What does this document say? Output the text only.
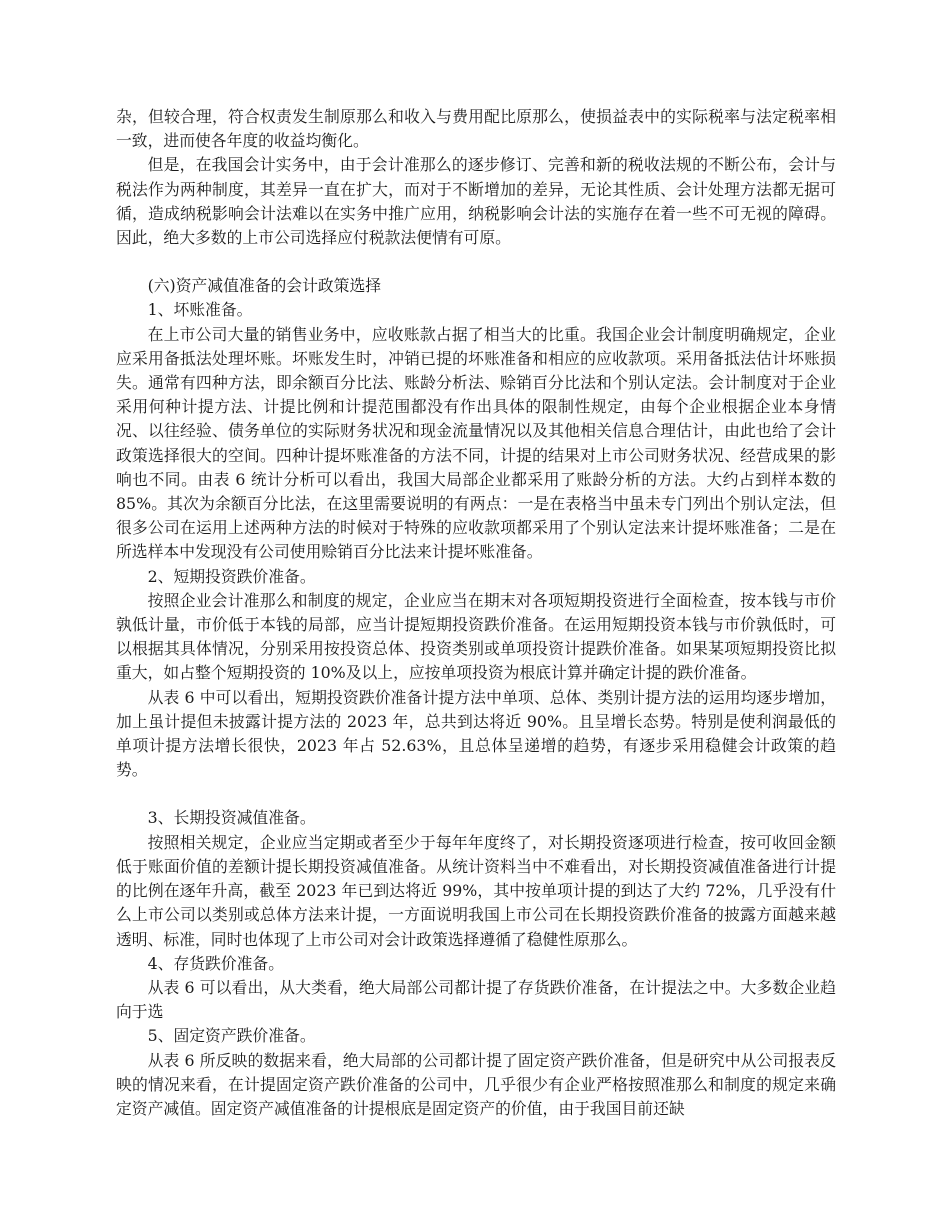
杂，但较合理，符合权责发生制原那么和收入与费用配比原那么，使损益表中的实际税率与法定税率相一致，进而使各年度的收益均衡化。

但是，在我国会计实务中，由于会计准那么的逐步修订、完善和新的税收法规的不断公布，会计与税法作为两种制度，其差异一直在扩大，而对于不断增加的差异，无论其性质、会计处理方法都无据可循，造成纳税影响会计法难以在实务中推广应用，纳税影响会计法的实施存在着一些不可无视的障碍。因此，绝大多数的上市公司选择应付税款法便情有可原。

(六)资产减值准备的会计政策选择

1、坏账准备。

在上市公司大量的销售业务中，应收账款占据了相当大的比重。我国企业会计制度明确规定，企业应采用备抵法处理坏账。坏账发生时，冲销已提的坏账准备和相应的应收款项。采用备抵法估计坏账损失。通常有四种方法，即余额百分比法、账龄分析法、赊销百分比法和个别认定法。会计制度对于企业采用何种计提方法、计提比例和计提范围都没有作出具体的限制性规定，由每个企业根据企业本身情况、以往经验、债务单位的实际财务状况和现金流量情况以及其他相关信息合理估计，由此也给了会计政策选择很大的空间。四种计提坏账准备的方法不同，计提的结果对上市公司财务状况、经营成果的影响也不同。由表 6 统计分析可以看出，我国大局部企业都采用了账龄分析的方法。大约占到样本数的 85%。其次为余额百分比法，在这里需要说明的有两点：一是在表格当中虽未专门列出个别认定法，但很多公司在运用上述两种方法的时候对于特殊的应收款项都采用了个别认定法来计提坏账准备；二是在所选样本中发现没有公司使用赊销百分比法来计提坏账准备。

2、短期投资跌价准备。

按照企业会计准那么和制度的规定，企业应当在期末对各项短期投资进行全面检查，按本钱与市价孰低计量，市价低于本钱的局部，应当计提短期投资跌价准备。在运用短期投资本钱与市价孰低时，可以根据其具体情况，分别采用按投资总体、投资类别或单项投资计提跌价准备。如果某项短期投资比拟重大，如占整个短期投资的 10%及以上，应按单项投资为根底计算并确定计提的跌价准备。

从表 6 中可以看出，短期投资跌价准备计提方法中单项、总体、类别计提方法的运用均逐步增加，加上虽计提但未披露计提方法的 2023 年，总共到达将近 90%。且呈增长态势。特别是使利润最低的单项计提方法增长很快，2023 年占 52.63%，且总体呈递增的趋势，有逐步采用稳健会计政策的趋势。

3、长期投资减值准备。

按照相关规定，企业应当定期或者至少于每年年度终了，对长期投资逐项进行检查，按可收回金额低于账面价值的差额计提长期投资减值准备。从统计资料当中不难看出，对长期投资减值准备进行计提的比例在逐年升高，截至 2023 年已到达将近 99%，其中按单项计提的到达了大约 72%，几乎没有什么上市公司以类别或总体方法来计提，一方面说明我国上市公司在长期投资跌价准备的披露方面越来越透明、标准，同时也体现了上市公司对会计政策选择遵循了稳健性原那么。

4、存货跌价准备。

从表 6 可以看出，从大类看，绝大局部公司都计提了存货跌价准备，在计提法之中。大多数企业趋向于选

5、固定资产跌价准备。

从表 6 所反映的数据来看，绝大局部的公司都计提了固定资产跌价准备，但是研究中从公司报表反映的情况来看，在计提固定资产跌价准备的公司中，几乎很少有企业严格按照准那么和制度的规定来确定资产减值。固定资产减值准备的计提根底是固定资产的价值，由于我国目前还缺
